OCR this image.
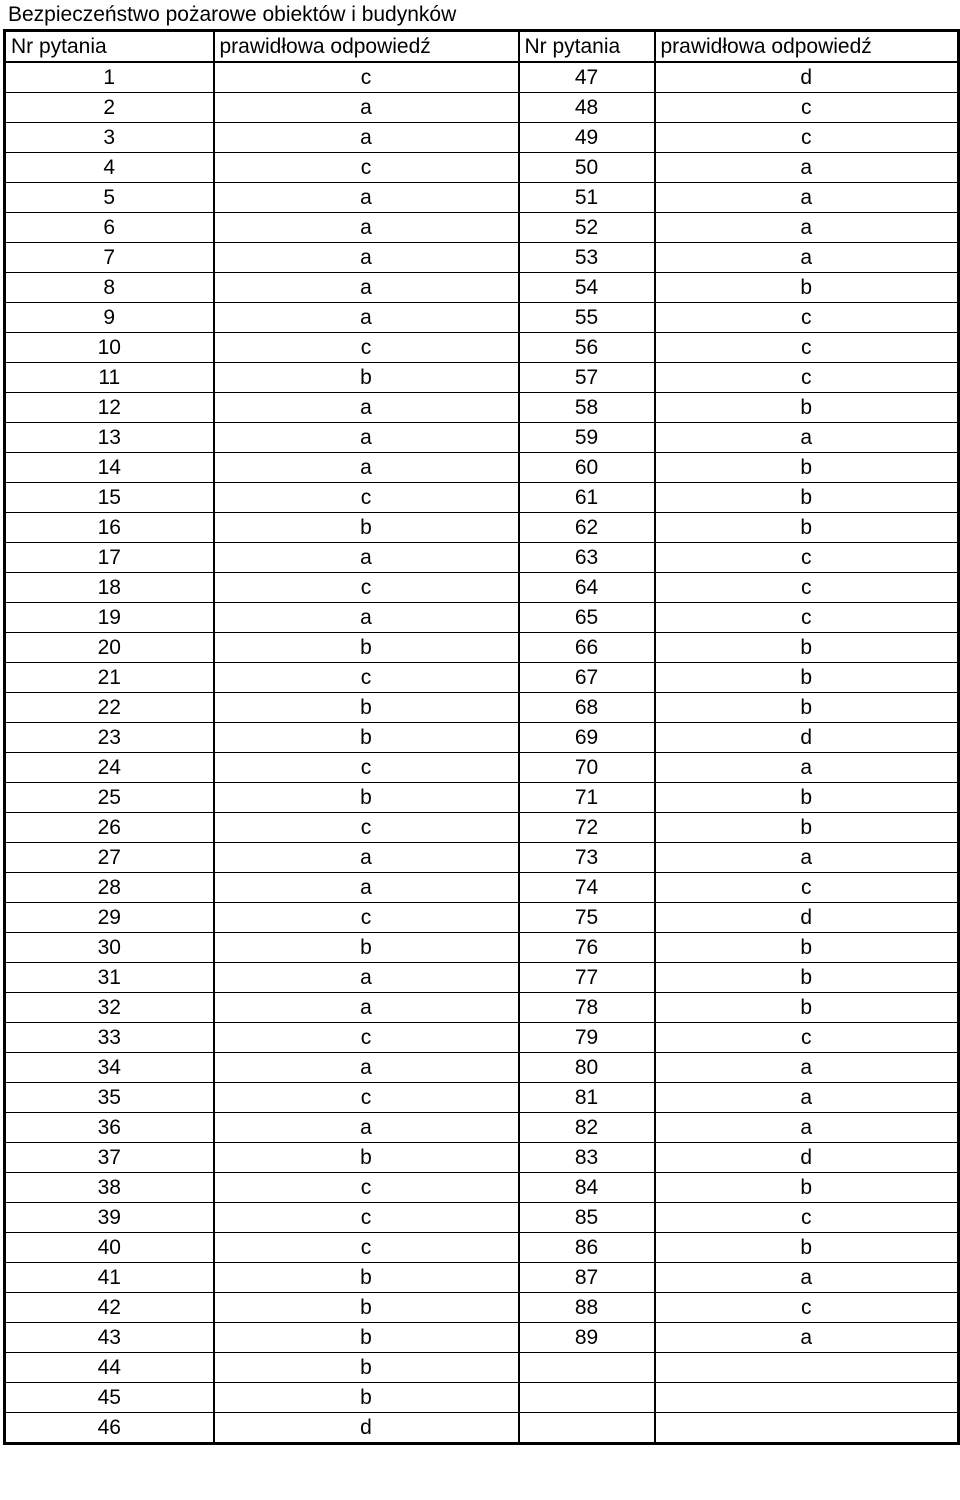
Bezpieczeństwo pożarowe obiektów i budynków
Nr pytania	prawidłowa odpowiedź	Nr pytania	prawidłowa odpowiedź
1	c	47	d
2	a	48	c
3	a	49	c
4	c	50	a
5	a	51	a
6	a	52	a
7	a	53	a
8	a	54	b
9	a	55	c
10	c	56	c
11	b	57	c
12	a	58	b
13	a	59	a
14	a	60	b
15	c	61	b
16	b	62	b
17	a	63	c
18	c	64	c
19	a	65	c
20	b	66	b
21	c	67	b
22	b	68	b
23	b	69	d
24	c	70	a
25	b	71	b
26	c	72	b
27	a	73	a
28	a	74	c
29	c	75	d
30	b	76	b
31	a	77	b
32	a	78	b
33	c	79	c
34	a	80	a
35	c	81	a
36	a	82	a
37	b	83	d
38	c	84	b
39	c	85	c
40	c	86	b
41	b	87	a
42	b	88	c
43	b	89	a
44	b		
45	b		
46	d		
